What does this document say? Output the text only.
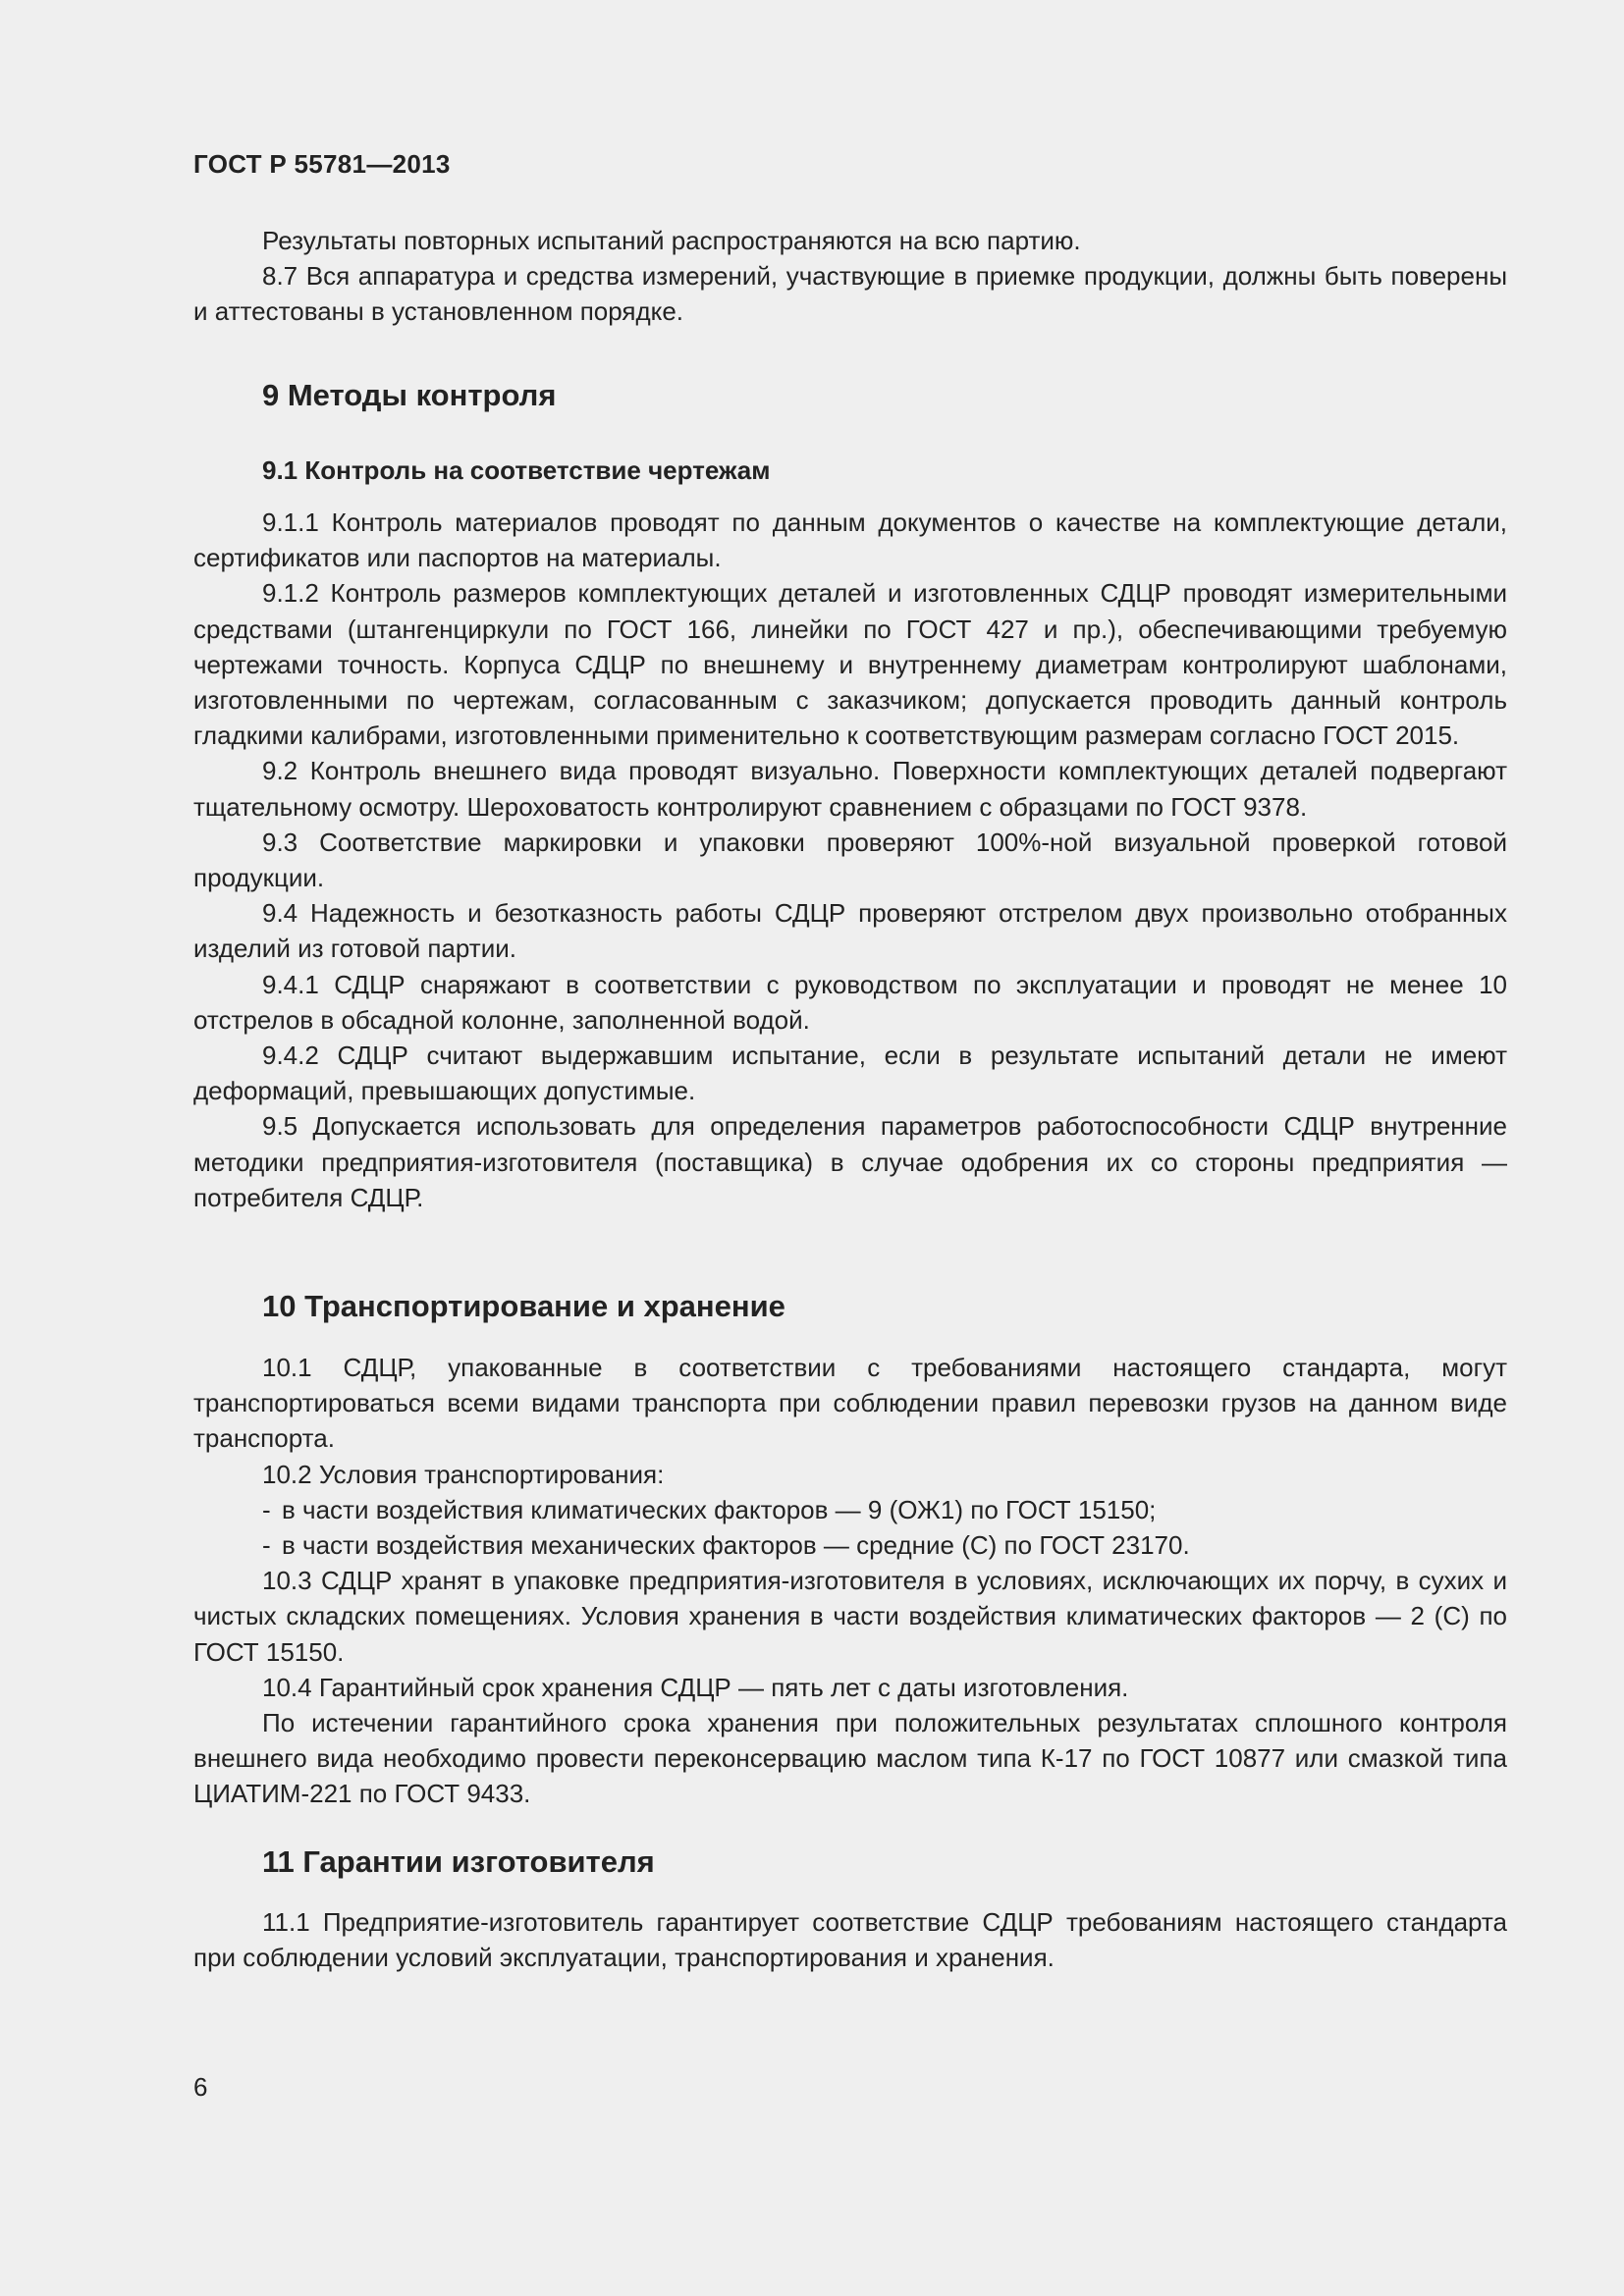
ГОСТ Р 55781—2013

Результаты повторных испытаний распространяются на всю партию.

8.7 Вся аппаратура и средства измерений, участвующие в приемке продукции, должны быть поверены и аттестованы в установленном порядке.

9 Методы контроля
9.1 Контроль на соответствие чертежам

9.1.1 Контроль материалов проводят по данным документов о качестве на комплектующие детали, сертификатов или паспортов на материалы.

9.1.2 Контроль размеров комплектующих деталей и изготовленных СДЦР проводят измерительными средствами (штангенциркули по ГОСТ 166, линейки по ГОСТ 427 и пр.), обеспечивающими требуемую чертежами точность. Корпуса СДЦР по внешнему и внутреннему диаметрам контролируют шаблонами, изготовленными по чертежам, согласованным с заказчиком; допускается проводить данный контроль гладкими калибрами, изготовленными применительно к соответствующим размерам согласно ГОСТ 2015.

9.2 Контроль внешнего вида проводят визуально. Поверхности комплектующих деталей подвергают тщательному осмотру. Шероховатость контролируют сравнением с образцами по ГОСТ 9378.

9.3 Соответствие маркировки и упаковки проверяют 100%-ной визуальной проверкой готовой продукции.

9.4 Надежность и безотказность работы СДЦР проверяют отстрелом двух произвольно отобранных изделий из готовой партии.

9.4.1 СДЦР снаряжают в соответствии с руководством по эксплуатации и проводят не менее 10 отстрелов в обсадной колонне, заполненной водой.

9.4.2 СДЦР считают выдержавшим испытание, если в результате испытаний детали не имеют деформаций, превышающих допустимые.

9.5 Допускается использовать для определения параметров работоспособности СДЦР внутренние методики предприятия-изготовителя (поставщика) в случае одобрения их со стороны предприятия — потребителя СДЦР.

10 Транспортирование и хранение

10.1 СДЦР, упакованные в соответствии с требованиями настоящего стандарта, могут транспортироваться всеми видами транспорта при соблюдении правил перевозки грузов на данном виде транспорта.

10.2 Условия транспортирования:

- в части воздействия климатических факторов — 9 (ОЖ1) по ГОСТ 15150;

- в части воздействия механических факторов — средние (С) по ГОСТ 23170.

10.3 СДЦР хранят в упаковке предприятия-изготовителя в условиях, исключающих их порчу, в сухих и чистых складских помещениях. Условия хранения в части воздействия климатических факторов — 2 (С) по ГОСТ 15150.

10.4 Гарантийный срок хранения СДЦР — пять лет с даты изготовления.

По истечении гарантийного срока хранения при положительных результатах сплошного контроля внешнего вида необходимо провести переконсервацию маслом типа К-17 по ГОСТ 10877 или смазкой типа ЦИАТИМ-221 по ГОСТ 9433.

11 Гарантии изготовителя

11.1 Предприятие-изготовитель гарантирует соответствие СДЦР требованиям настоящего стандарта при соблюдении условий эксплуатации, транспортирования и хранения.

6
